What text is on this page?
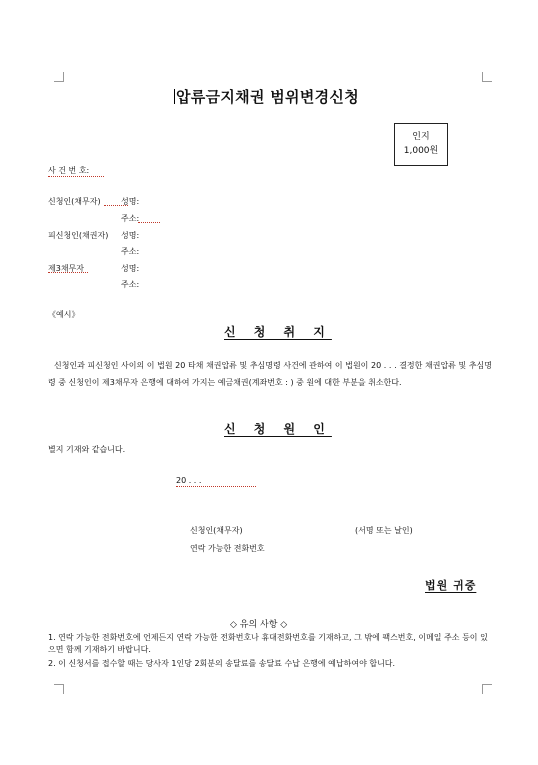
압류금지채권 범위변경신청
인지
1,000원
사 건 번 호:
신청인(채무자)	성명:
주소:
피신청인(채권자) 성명:
주소:
제3채무자	성명:
주소:
《예시》
신 청 취 지
신청인과 피신청인 사이의 이 법원 20 타채 채권압류 및 추심명령 사건에 관하여 이 법원이 20 . . . 결정한 채권압류 및 추심명령 중 신청인이 제3채무자 은행에 대하여 가지는 예금채권(계좌번호 : ) 중 원에 대한 부분을 취소한다.
신 청 원 인
별지 기재와 같습니다.
20 . . .
신청인(채무자)	(서명 또는 날인)
연락 가능한 전화번호
법원 귀중
◇ 유의 사항 ◇
1. 연락 가능한 전화번호에 언제든지 연락 가능한 전화번호나 휴대전화번호를 기재하고, 그 밖에 팩스번호, 이메일 주소 등이 있으면 함께 기재하기 바랍니다.
2. 이 신청서를 접수할 때는 당사자 1인당 2회분의 송달료를 송달료 수납 은행에 예납하여야 합니다.
